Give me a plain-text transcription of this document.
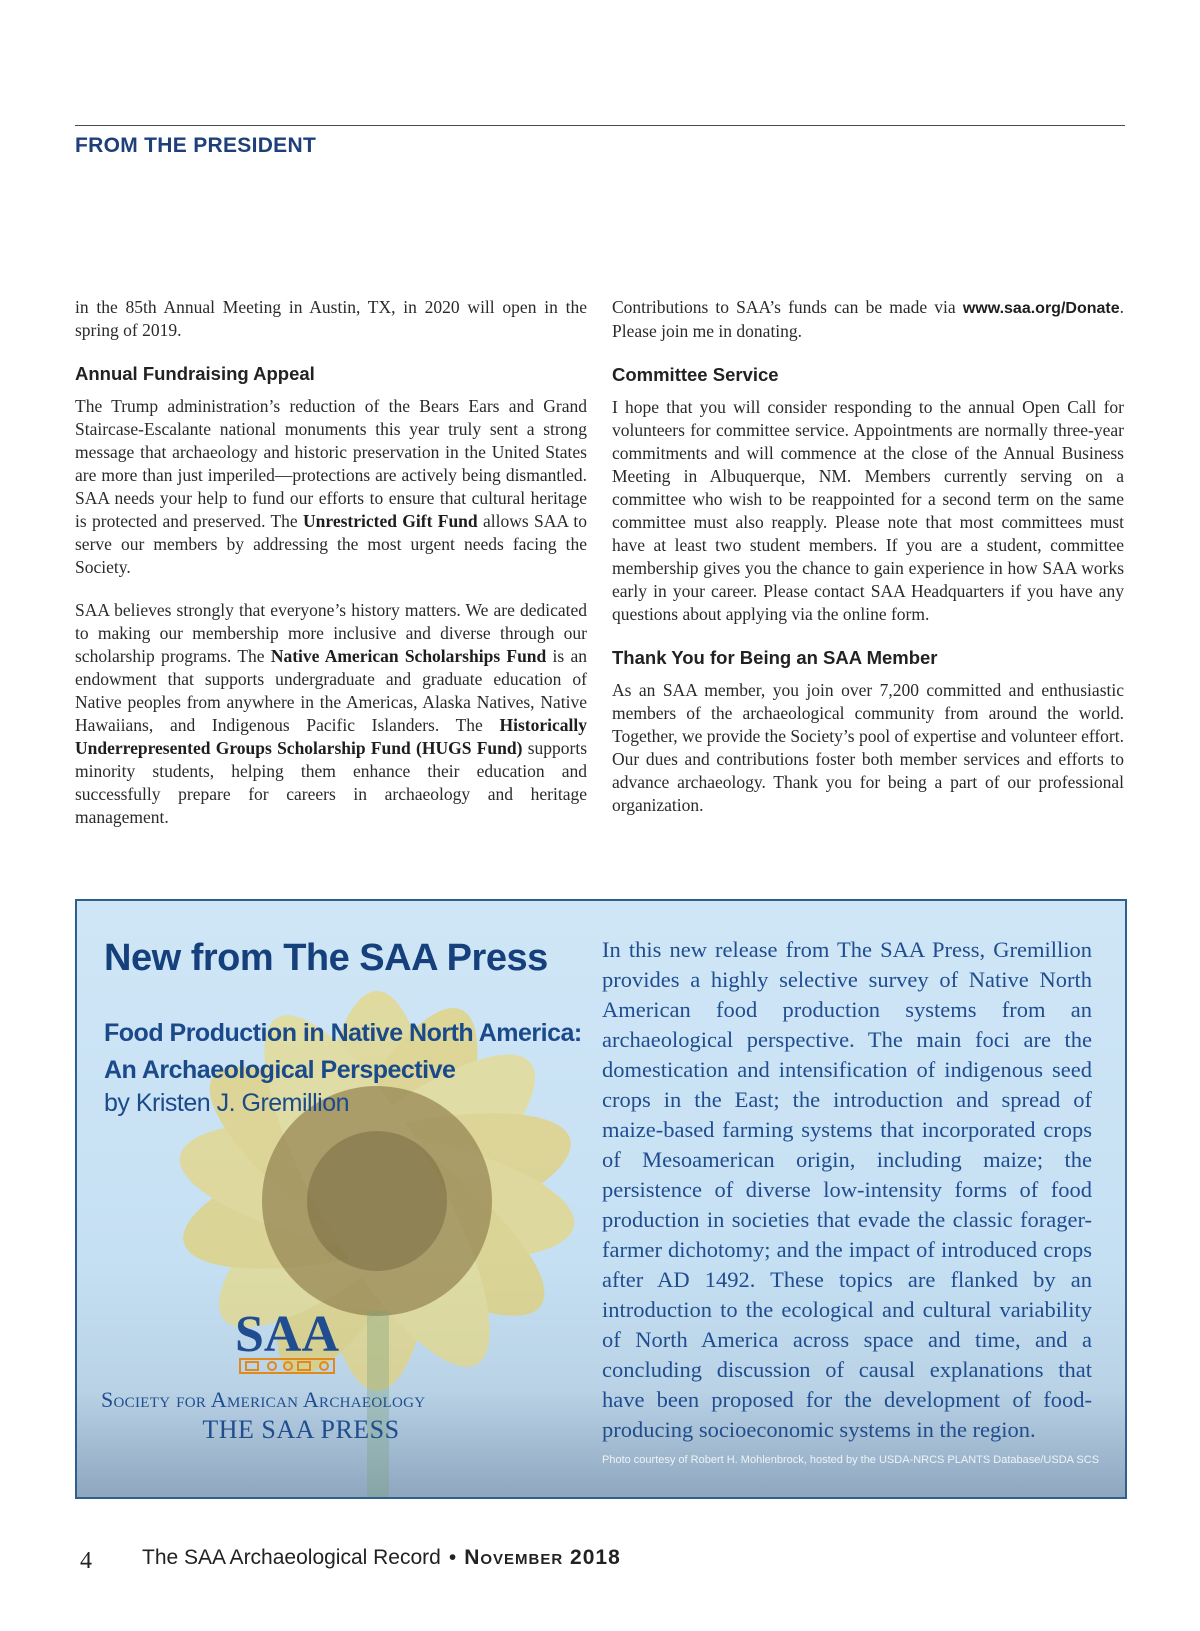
FROM THE PRESIDENT

in the 85th Annual Meeting in Austin, TX, in 2020 will open in the spring of 2019.

Annual Fundraising Appeal

The Trump administration’s reduction of the Bears Ears and Grand Staircase-Escalante national monuments this year truly sent a strong message that archaeology and historic preservation in the United States are more than just imperiled—protections are actively being dismantled. SAA needs your help to fund our efforts to ensure that cultural heritage is protected and preserved. The Unrestricted Gift Fund allows SAA to serve our members by addressing the most urgent needs facing the Society.

SAA believes strongly that everyone’s history matters. We are dedicated to making our membership more inclusive and diverse through our scholarship programs. The Native American Scholarships Fund is an endowment that supports undergraduate and graduate education of Native peoples from anywhere in the Americas, Alaska Natives, Native Hawaiians, and Indigenous Pacific Islanders. The Historically Underrepresented Groups Scholarship Fund (HUGS Fund) supports minority students, helping them enhance their education and successfully prepare for careers in archaeology and heritage management.

Contributions to SAA’s funds can be made via www.saa.org/Donate. Please join me in donating.

Committee Service

I hope that you will consider responding to the annual Open Call for volunteers for committee service. Appointments are normally three-year commitments and will commence at the close of the Annual Business Meeting in Albuquerque, NM. Members currently serving on a committee who wish to be reappointed for a second term on the same committee must also reapply. Please note that most committees must have at least two student members. If you are a student, committee membership gives you the chance to gain experience in how SAA works early in your career. Please contact SAA Headquarters if you have any questions about applying via the online form.

Thank You for Being an SAA Member

As an SAA member, you join over 7,200 committed and enthusiastic members of the archaeological community from around the world. Together, we provide the Society’s pool of expertise and volunteer effort. Our dues and contributions foster both member services and efforts to advance archaeology. Thank you for being a part of our professional organization.

New from The SAA Press
Food Production in Native North America: An Archaeological Perspective
by Kristen J. Gremillion
SAA
Society for American Archaeology
THE SAA PRESS
In this new release from The SAA Press, Gremillion provides a highly selective survey of Native North American food production systems from an archaeological perspective. The main foci are the domestication and intensification of indigenous seed crops in the East; the introduction and spread of maize-based farming systems that incorporated crops of Mesoamerican origin, including maize; the persistence of diverse low-intensity forms of food production in societies that evade the classic forager-farmer dichotomy; and the impact of introduced crops after AD 1492. These topics are flanked by an introduction to the ecological and cultural variability of North America across space and time, and a concluding discussion of causal explanations that have been proposed for the development of food-producing socioeconomic systems in the region.
Photo courtesy of Robert H. Mohlenbrock, hosted by the USDA-NRCS PLANTS Database/USDA SCS
4 The SAA Archaeological Record • November 2018
